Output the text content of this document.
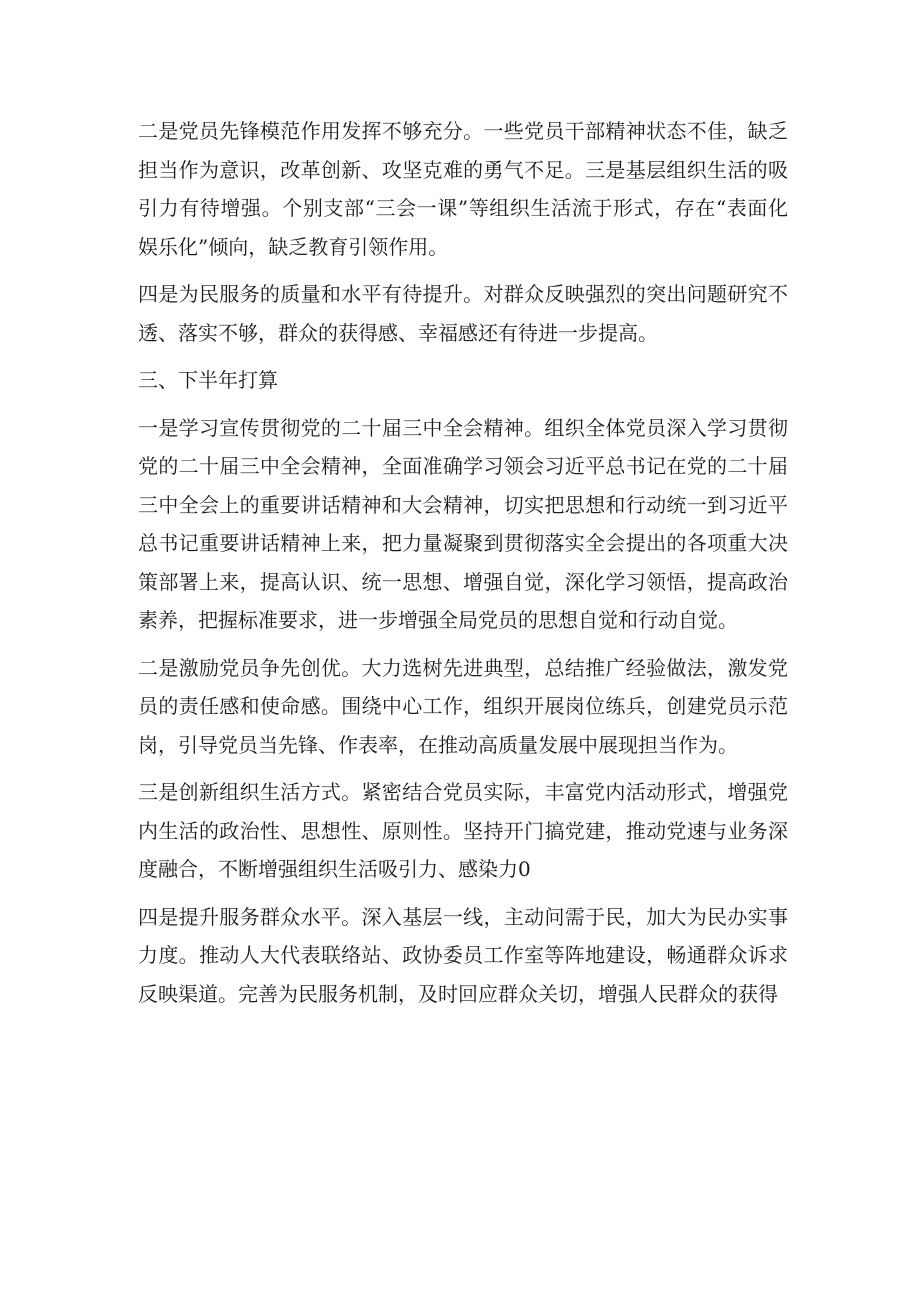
二是党员先锋模范作用发挥不够充分。一些党员干部精神状态不佳，缺乏担当作为意识，改革创新、攻坚克难的勇气不足。三是基层组织生活的吸引力有待增强。个别支部“三会一课”等组织生活流于形式，存在“表面化娱乐化”倾向，缺乏教育引领作用。

四是为民服务的质量和水平有待提升。对群众反映强烈的突出问题研究不透、落实不够，群众的获得感、幸福感还有待进一步提高。

三、下半年打算

一是学习宣传贯彻党的二十届三中全会精神。组织全体党员深入学习贯彻党的二十届三中全会精神，全面准确学习领会习近平总书记在党的二十届三中全会上的重要讲话精神和大会精神，切实把思想和行动统一到习近平总书记重要讲话精神上来，把力量凝聚到贯彻落实全会提出的各项重大决策部署上来，提高认识、统一思想、增强自觉，深化学习领悟，提高政治素养，把握标准要求，进一步增强全局党员的思想自觉和行动自觉。

二是激励党员争先创优。大力选树先进典型，总结推广经验做法，激发党员的责任感和使命感。围绕中心工作，组织开展岗位练兵，创建党员示范岗，引导党员当先锋、作表率，在推动高质量发展中展现担当作为。

三是创新组织生活方式。紧密结合党员实际，丰富党内活动形式，增强党内生活的政治性、思想性、原则性。坚持开门搞党建，推动党速与业务深度融合，不断增强组织生活吸引力、感染力0

四是提升服务群众水平。深入基层一线，主动问需于民，加大为民办实事力度。推动人大代表联络站、政协委员工作室等阵地建设，畅通群众诉求反映渠道。完善为民服务机制，及时回应群众关切，增强人民群众的获得
